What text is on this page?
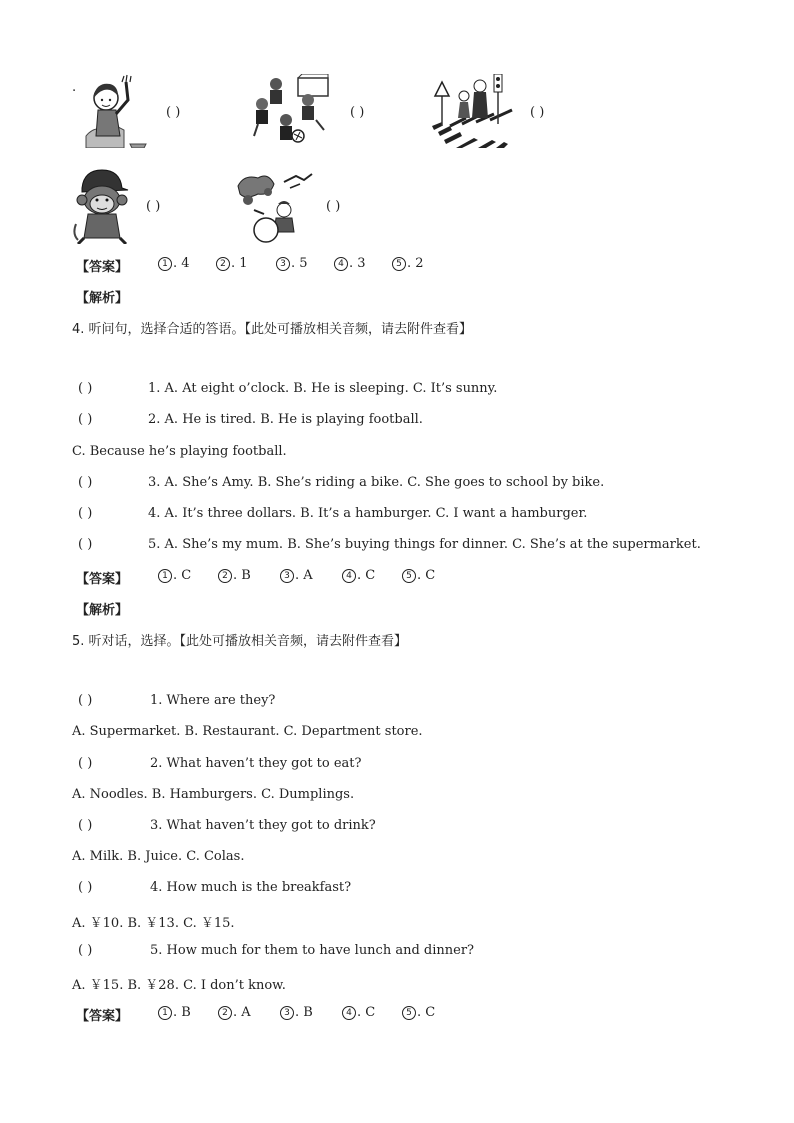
.
( )	( )	( )
( )	( )
【答案】	1 . 4	2 . 1	3 . 5	4 . 3	5 . 2
【解析】
4. 听问句，选择合适的答语。【此处可播放相关音频，请去附件查看】
( )	1. A. At eight o’clock. B. He is sleeping. C. It’s sunny.
( )	2. A. He is tired. B. He is playing football.
C. Because he’s playing football.
( )	3. A. She’s Amy. B. She’s riding a bike. C. She goes to school by bike.
( )	4. A. It’s three dollars. B. It’s a hamburger. C. I want a hamburger.
( )	5. A. She’s my mum. B. She’s buying things for dinner. C. She’s at the supermarket.
【答案】	1 . C	2 . B	3 . A	4 . C	5 . C
【解析】
5. 听对话，选择。【此处可播放相关音频，请去附件查看】
( )	1. Where are they?
A. Supermarket. B. Restaurant. C. Department store.
( )	2. What haven’t they got to eat?
A. Noodles. B. Hamburgers. C. Dumplings.
( )	3. What haven’t they got to drink?
A. Milk. B. Juice. C. Colas.
( )	4. How much is the breakfast?
A. ￥10. B. ￥13. C. ￥15.
( )	5. How much for them to have lunch and dinner?
A. ￥15. B. ￥28. C. I don’t know.
【答案】	1 . B	2 . A	3 . B	4 . C	5 . C
